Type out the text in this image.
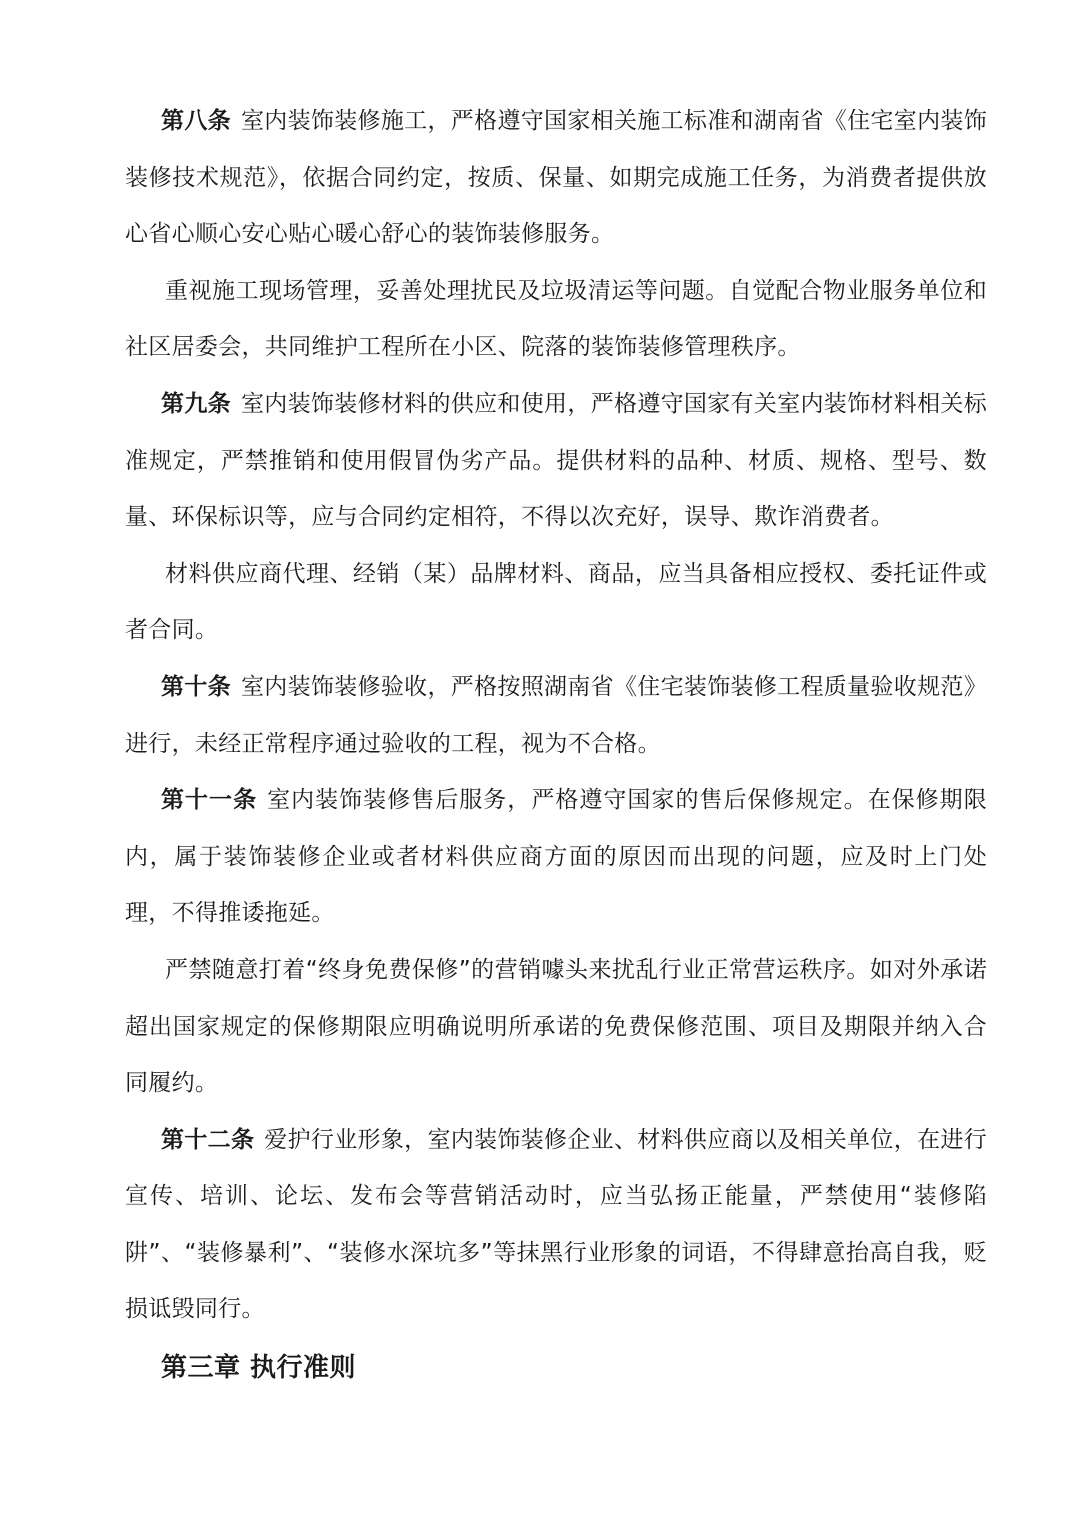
第八条 室内装饰装修施工，严格遵守国家相关施工标准和湖南省《住宅室内装饰装修技术规范》，依据合同约定，按质、保量、如期完成施工任务，为消费者提供放心省心顺心安心贴心暖心舒心的装饰装修服务。

重视施工现场管理，妥善处理扰民及垃圾清运等问题。自觉配合物业服务单位和社区居委会，共同维护工程所在小区、院落的装饰装修管理秩序。

第九条 室内装饰装修材料的供应和使用，严格遵守国家有关室内装饰材料相关标准规定，严禁推销和使用假冒伪劣产品。提供材料的品种、材质、规格、型号、数量、环保标识等，应与合同约定相符，不得以次充好，误导、欺诈消费者。

材料供应商代理、经销（某）品牌材料、商品，应当具备相应授权、委托证件或者合同。

第十条 室内装饰装修验收，严格按照湖南省《住宅装饰装修工程质量验收规范》进行，未经正常程序通过验收的工程，视为不合格。

第十一条 室内装饰装修售后服务，严格遵守国家的售后保修规定。在保修期限内，属于装饰装修企业或者材料供应商方面的原因而出现的问题，应及时上门处理，不得推诿拖延。

严禁随意打着“终身免费保修”的营销噱头来扰乱行业正常营运秩序。如对外承诺超出国家规定的保修期限应明确说明所承诺的免费保修范围、项目及期限并纳入合同履约。

第十二条 爱护行业形象，室内装饰装修企业、材料供应商以及相关单位，在进行宣传、培训、论坛、发布会等营销活动时，应当弘扬正能量，严禁使用“装修陷阱”、“装修暴利”、“装修水深坑多”等抹黑行业形象的词语，不得肆意抬高自我，贬损诋毁同行。

第三章 执行准则
